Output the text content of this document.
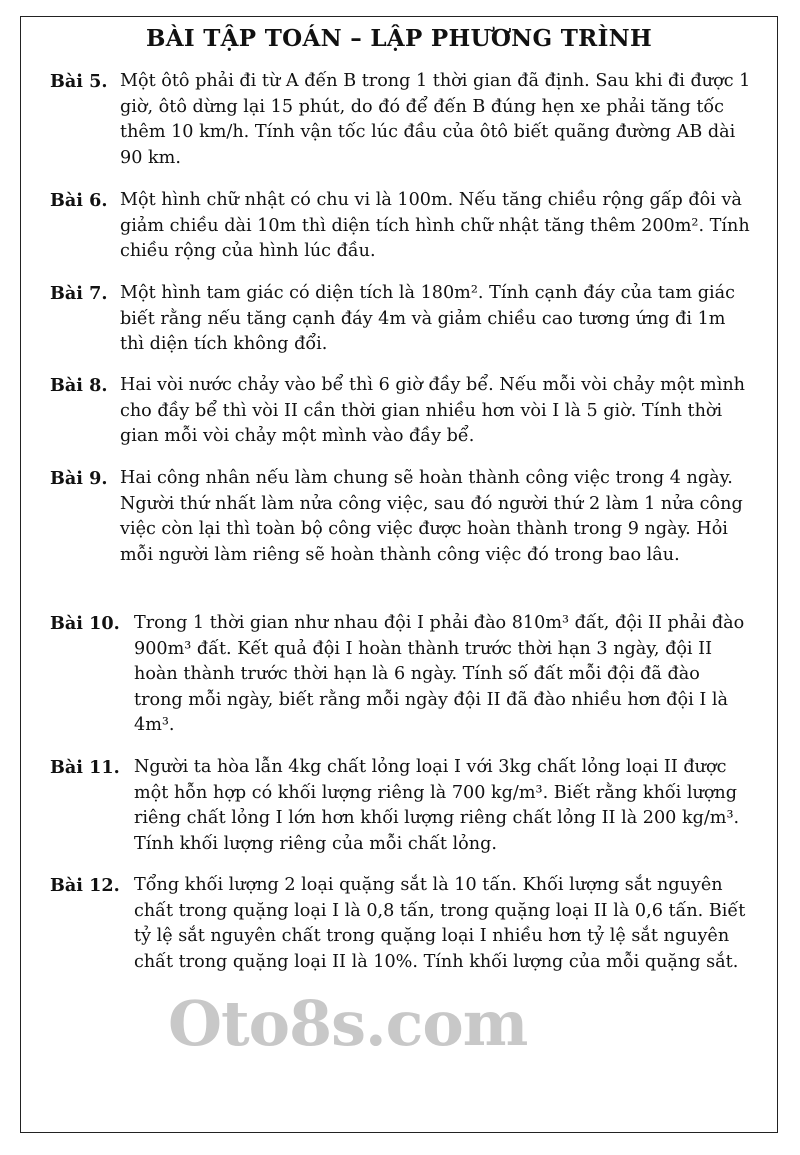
BÀI TẬP TOÁN – LẬP PHƯƠNG TRÌNH
Bài 5. Một ôtô phải đi từ A đến B trong 1 thời gian đã định. Sau khi đi được 1 giờ, ôtô dừng lại 15 phút, do đó để đến B đúng hẹn xe phải tăng tốc thêm 10 km/h. Tính vận tốc lúc đầu của ôtô biết quãng đường AB dài 90 km.
Bài 6. Một hình chữ nhật có chu vi là 100m. Nếu tăng chiều rộng gấp đôi và giảm chiều dài 10m thì diện tích hình chữ nhật tăng thêm 200m². Tính chiều rộng của hình lúc đầu.
Bài 7. Một hình tam giác có diện tích là 180m². Tính cạnh đáy của tam giác biết rằng nếu tăng cạnh đáy 4m và giảm chiều cao tương ứng đi 1m thì diện tích không đổi.
Bài 8. Hai vòi nước chảy vào bể thì 6 giờ đầy bể. Nếu mỗi vòi chảy một mình cho đầy bể thì vòi II cần thời gian nhiều hơn vòi I là 5 giờ. Tính thời gian mỗi vòi chảy một mình vào đầy bể.
Bài 9. Hai công nhân nếu làm chung sẽ hoàn thành công việc trong 4 ngày. Người thứ nhất làm nửa công việc, sau đó người thứ 2 làm 1 nửa công việc còn lại thì toàn bộ công việc được hoàn thành trong 9 ngày. Hỏi mỗi người làm riêng sẽ hoàn thành công việc đó trong bao lâu.
Bài 10. Trong 1 thời gian như nhau đội I phải đào 810m³ đất, đội II phải đào 900m³ đất. Kết quả đội I hoàn thành trước thời hạn 3 ngày, đội II hoàn thành trước thời hạn là 6 ngày. Tính số đất mỗi đội đã đào trong mỗi ngày, biết rằng mỗi ngày đội II đã đào nhiều hơn đội I là 4m³.
Bài 11. Người ta hòa lẫn 4kg chất lỏng loại I với 3kg chất lỏng loại II được một hỗn hợp có khối lượng riêng là 700 kg/m³. Biết rằng khối lượng riêng chất lỏng I lớn hơn khối lượng riêng chất lỏng II là 200 kg/m³. Tính khối lượng riêng của mỗi chất lỏng.
Bài 12. Tổng khối lượng 2 loại quặng sắt là 10 tấn. Khối lượng sắt nguyên chất trong quặng loại I là 0,8 tấn, trong quặng loại II là 0,6 tấn. Biết tỷ lệ sắt nguyên chất trong quặng loại I nhiều hơn tỷ lệ sắt nguyên chất trong quặng loại II là 10%. Tính khối lượng của mỗi quặng sắt.
Oto8s.com
